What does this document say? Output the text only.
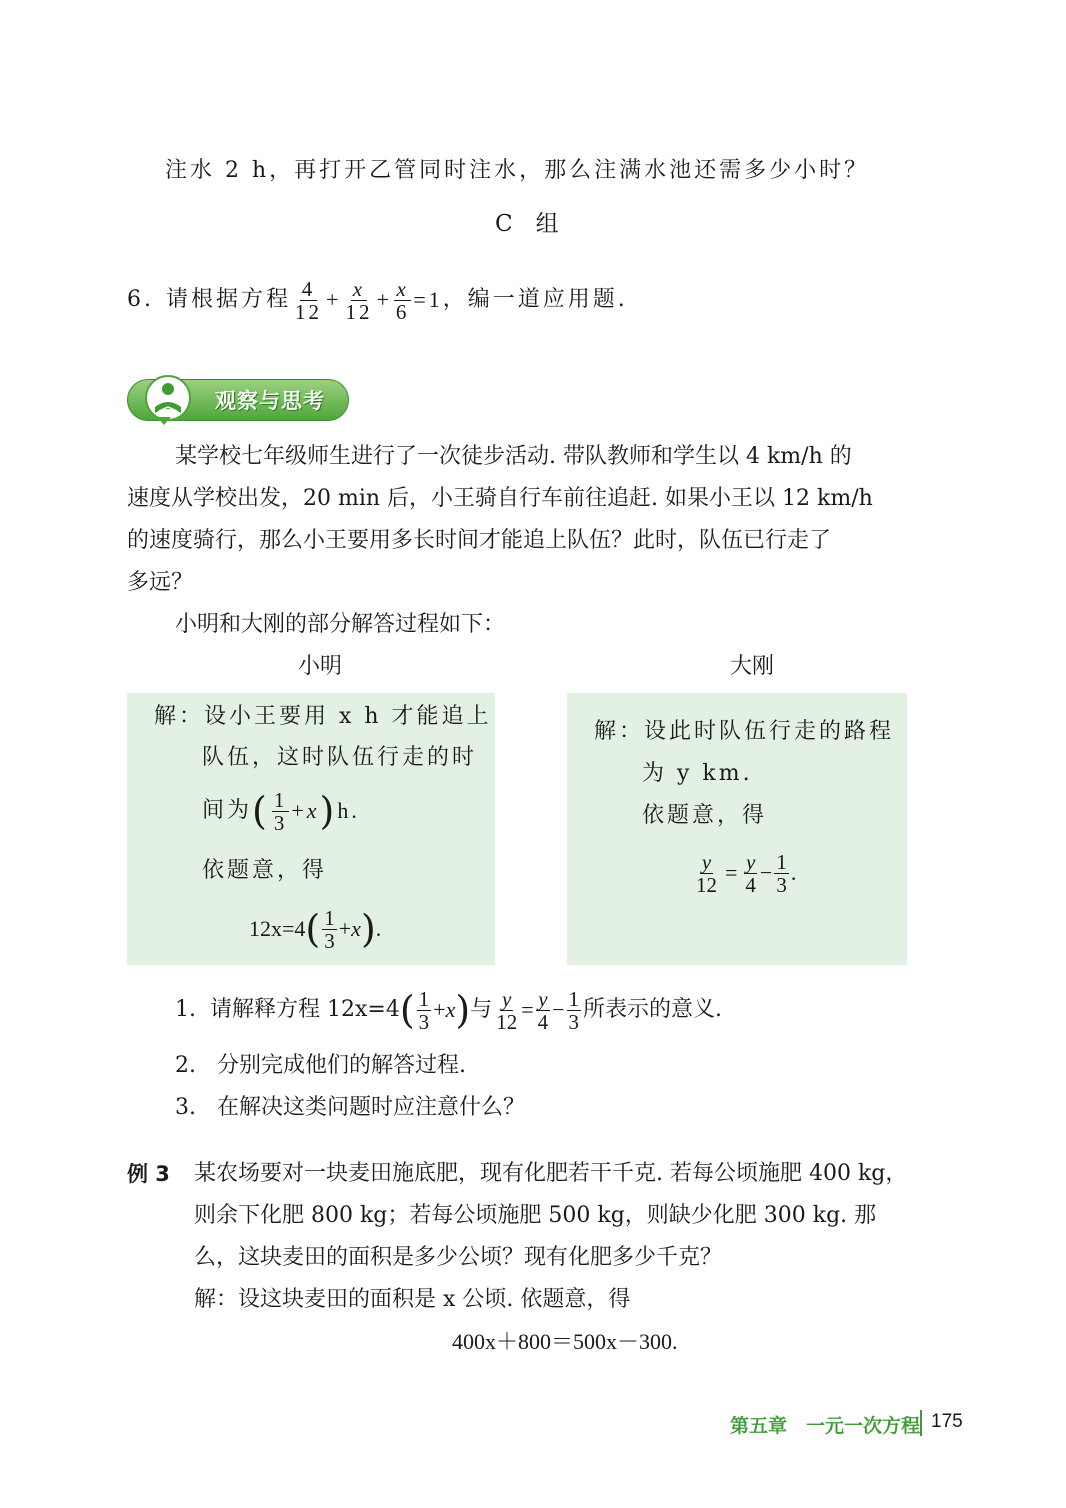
注水 2 h，再打开乙管同时注水，那么注满水池还需多少小时？
C　组
6. 请根据方程 $\frac{4}{12} + \frac{x}{12} + \frac{x}{6} =1$ ，编一道应用题.
观察与思考
某学校七年级师生进行了一次徒步活动. 带队教师和学生以 4 km/h 的
速度从学校出发，20 min 后，小王骑自行车前往追赶. 如果小王以 12 km/h
的速度骑行，那么小王要用多长时间才能追上队伍？此时，队伍已行走了
多远？
小明和大刚的部分解答过程如下：
小明	大刚
解：设小王要用 x h 才能追上
队伍，这时队伍行走的时
间为 ( $\frac{1}{3} + x$ ) h.
依题意，得
12x=4 ( $\frac{1}{3} + x$ ) .
解：设此时队伍行走的路程
为 y km.
依题意，得
$\frac{y}{12} = \frac{y}{4} - \frac{1}{3}$ .
1. 请解释方程 12x=4 ( $\frac{1}{3} + x$ ) 与 $\frac{y}{12} = \frac{y}{4} - \frac{1}{3}$ 所表示的意义.
2. 分别完成他们的解答过程.
3. 在解决这类问题时应注意什么？
例 3 某农场要对一块麦田施底肥，现有化肥若干千克. 若每公顷施肥 400 kg，
则余下化肥 800 kg；若每公顷施肥 500 kg，则缺少化肥 300 kg. 那
么，这块麦田的面积是多少公顷？现有化肥多少千克？
解：设这块麦田的面积是 x 公顷. 依题意，得
400x＋800＝500x－300.
第五章　一元一次方程 175
